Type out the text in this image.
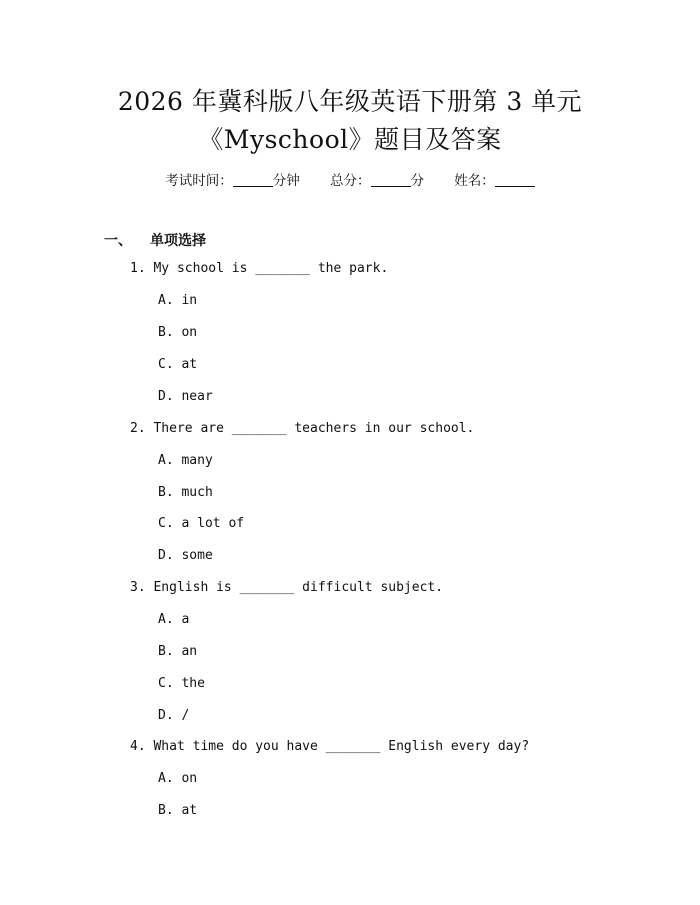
2026 年冀科版八年级英语下册第 3 单元
《Myschool》题目及答案
考试时间：	分钟 总分：	分 姓名：
一、 单项选择
1. My school is _______ the park.
A. in
B. on
C. at
D. near
2. There are _______ teachers in our school.
A. many
B. much
C. a lot of
D. some
3. English is _______ difficult subject.
A. a
B. an
C. the
D. /
4. What time do you have _______ English every day?
A. on
B. at
